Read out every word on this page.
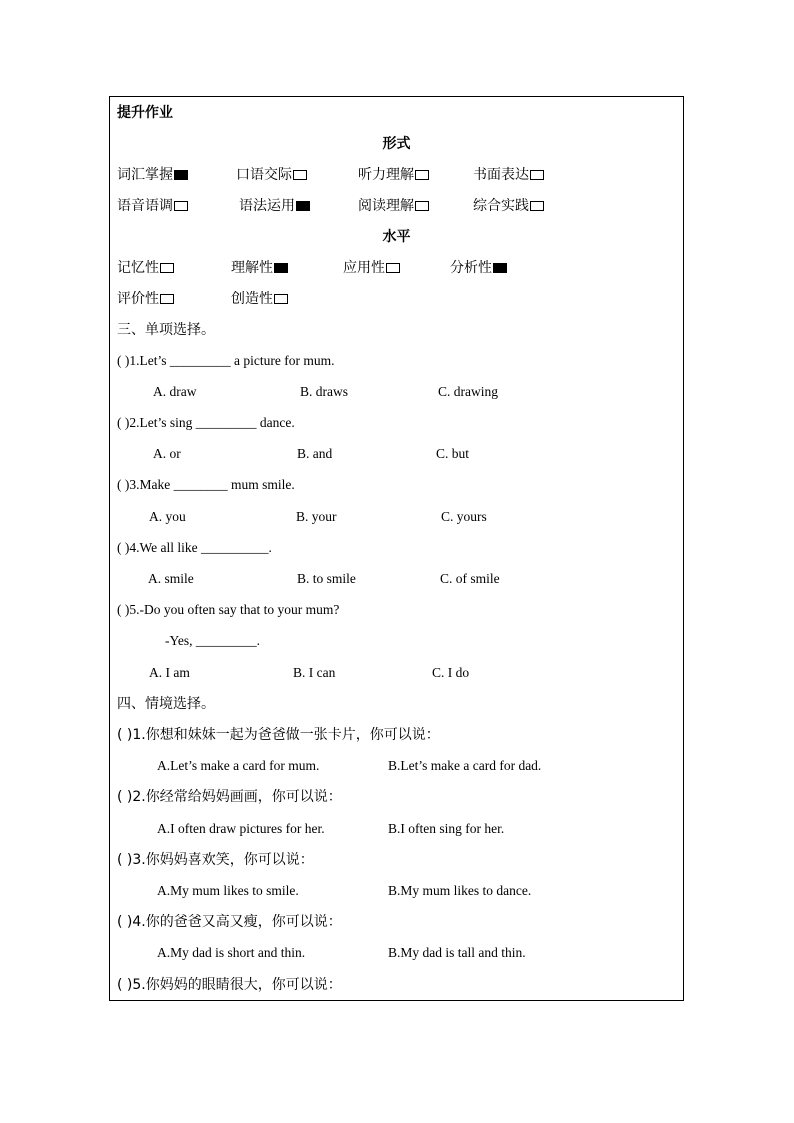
提升作业
形式
词汇掌握	口语交际	听力理解	书面表达
语音语调	语法运用	阅读理解	综合实践
水平
记忆性	理解性	应用性	分析性
评价性	创造性
三、单项选择。
( )1.Let’s _________ a picture for mum.
A. draw	B. draws	C. drawing
( )2.Let’s sing _________ dance.
A. or	B. and	C. but
( )3.Make ________ mum smile.
A. you	B. your	C. yours
( )4.We all like __________.
A. smile	B. to smile	C. of smile
( )5.-Do you often say that to your mum?
-Yes, _________.
A. I am	B. I can	C. I do
四、情境选择。
( )1.你想和妹妹一起为爸爸做一张卡片，你可以说：
A.Let’s make a card for mum.	B.Let’s make a card for dad.
( )2.你经常给妈妈画画，你可以说：
A.I often draw pictures for her.	B.I often sing for her.
( )3.你妈妈喜欢笑，你可以说：
A.My mum likes to smile.	B.My mum likes to dance.
( )4.你的爸爸又高又瘦，你可以说：
A.My dad is short and thin.	B.My dad is tall and thin.
( )5.你妈妈的眼睛很大，你可以说：
